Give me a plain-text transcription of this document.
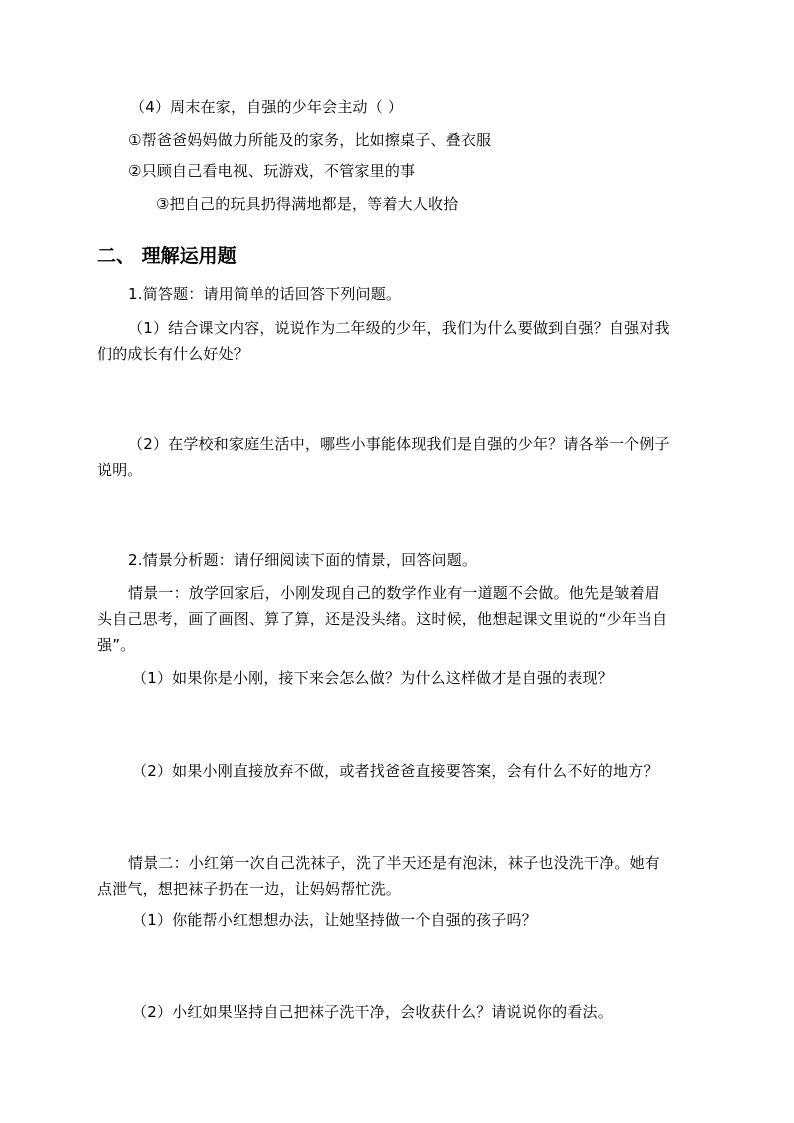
（4）周末在家，自强的少年会主动（ ）
①帮爸爸妈妈做力所能及的家务，比如擦桌子、叠衣服
②只顾自己看电视、玩游戏，不管家里的事
③把自己的玩具扔得满地都是，等着大人收拾
二、 理解运用题
1.简答题：请用简单的话回答下列问题。
（1）结合课文内容，说说作为二年级的少年，我们为什么要做到自强？自强对我
们的成长有什么好处？
（2）在学校和家庭生活中，哪些小事能体现我们是自强的少年？请各举一个例子
说明。
2.情景分析题：请仔细阅读下面的情景，回答问题。
情景一：放学回家后，小刚发现自己的数学作业有一道题不会做。他先是皱着眉
头自己思考，画了画图、算了算，还是没头绪。这时候，他想起课文里说的“少年当自
强”。
（1）如果你是小刚，接下来会怎么做？为什么这样做才是自强的表现？
（2）如果小刚直接放弃不做，或者找爸爸直接要答案，会有什么不好的地方？
情景二：小红第一次自己洗袜子，洗了半天还是有泡沫，袜子也没洗干净。她有
点泄气，想把袜子扔在一边，让妈妈帮忙洗。
（1）你能帮小红想想办法，让她坚持做一个自强的孩子吗？
（2）小红如果坚持自己把袜子洗干净，会收获什么？请说说你的看法。
